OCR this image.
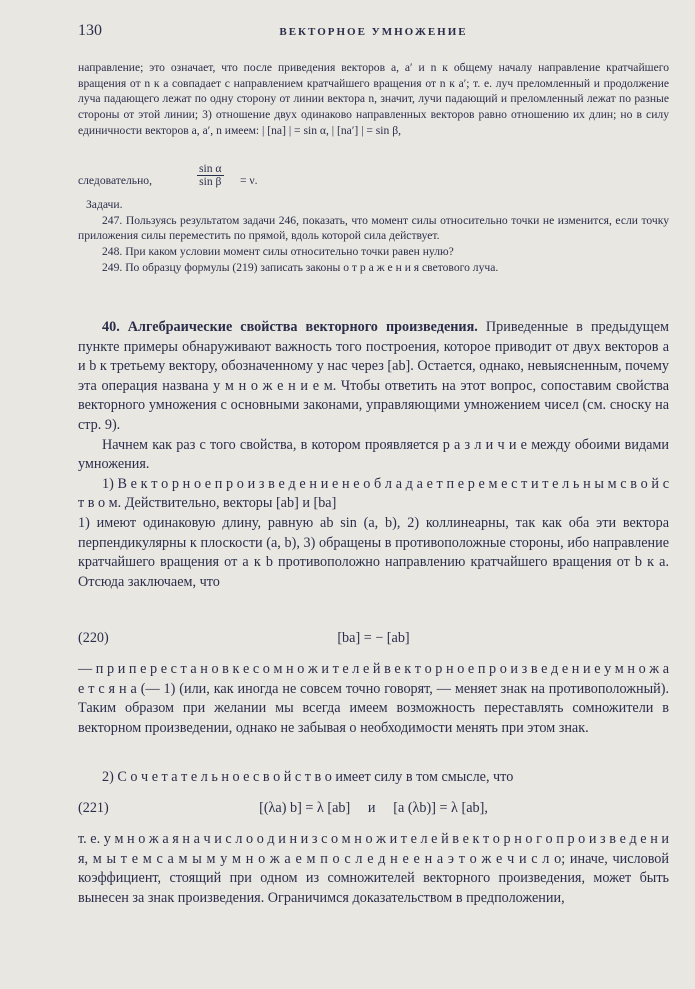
130	ВЕКТОРНОЕ УМНОЖЕНИЕ

направление; это означает, что после приведения векторов a, a′ и n к общему началу направление кратчайшего вращения от n к a совпадает с направлением кратчайшего вращения от n к a′; т. е. луч преломленный и продолжение луча падающего лежат по одну сторону от линии вектора n, значит, лучи падающий и преломленный лежат по разные стороны от этой линии; 3) отношение двух одинаково направленных векторов равно отношению их длин; но в силу единичности векторов a, a′, n имеем: | [na] | = sin α, | [na′] | = sin β,

следовательно,	$\frac{\text{sin α}}{\text{sin β}} = \nu$.
Задачи.

247. Пользуясь результатом задачи 246, показать, что момент силы относительно точки не изменится, если точку приложения силы переместить по прямой, вдоль которой сила действует.

248. При каком условии момент силы относительно точки равен нулю?

249. По образцу формулы (219) записать законы о т р а ж е н и я светового луча.

40. Алгебраические свойства векторного произведения. Приведенные в предыдущем пункте примеры обнаруживают важность того построения, которое приводит от двух векторов a и b к третьему вектору, обозначенному у нас через [ab]. Остается, однако, невыясненным, почему эта операция названа у м н о ж е н и е м. Чтобы ответить на этот вопрос, сопоставим свойства векторного умножения с основными законами, управляющими умножением чисел (см. сноску на стр. 9).

Начнем как раз с того свойства, в котором проявляется р а з л и ч и е между обоими видами умножения.

1) В е к т о р н о е п р о и з в е д е н и е н е о б л а д а е т п е р е м е с т и т е л ь н ы м с в о й с т в о м. Действительно, векторы [ab] и [ba]

1) имеют одинаковую длину, равную ab sin (a, b), 2) коллинеарны, так как оба эти вектора перпендикулярны к плоскости (a, b), 3) обращены в противоположные стороны, ибо направление кратчайшего вращения от a к b противоположно направлению кратчайшего вращения от b к a. Отсюда заключаем, что

(220)	[ba] = − [ab]

— п р и п е р е с т а н о в к е с о м н о ж и т е л е й в е к т о р н о е п р о и з в е д е н и е у м н о ж а е т с я н а (— 1) (или, как иногда не совсем точно говорят, — меняет знак на противоположный). Таким образом при желании мы всегда имеем возможность переставлять сомножители в векторном произведении, однако не забывая о необходимости менять при этом знак.

2) С о ч е т а т е л ь н о е с в о й с т в о имеет силу в том смысле, что

(221)	[(λa) b] = λ [ab]     и     [a (λb)] = λ [ab],

т. е. у м н о ж а я н а ч и с л о о д и н и з с о м н о ж и т е л е й в е к т о р н о г о п р о и з в е д е н и я, м ы т е м с а м ы м у м н о ж а е м п о с л е д н е е н а э т о ж е ч и с л о; иначе, числовой коэффициент, стоящий при одном из сомножителей векторного произведения, может быть вынесен за знак произведения. Ограничимся доказательством в предположении,
